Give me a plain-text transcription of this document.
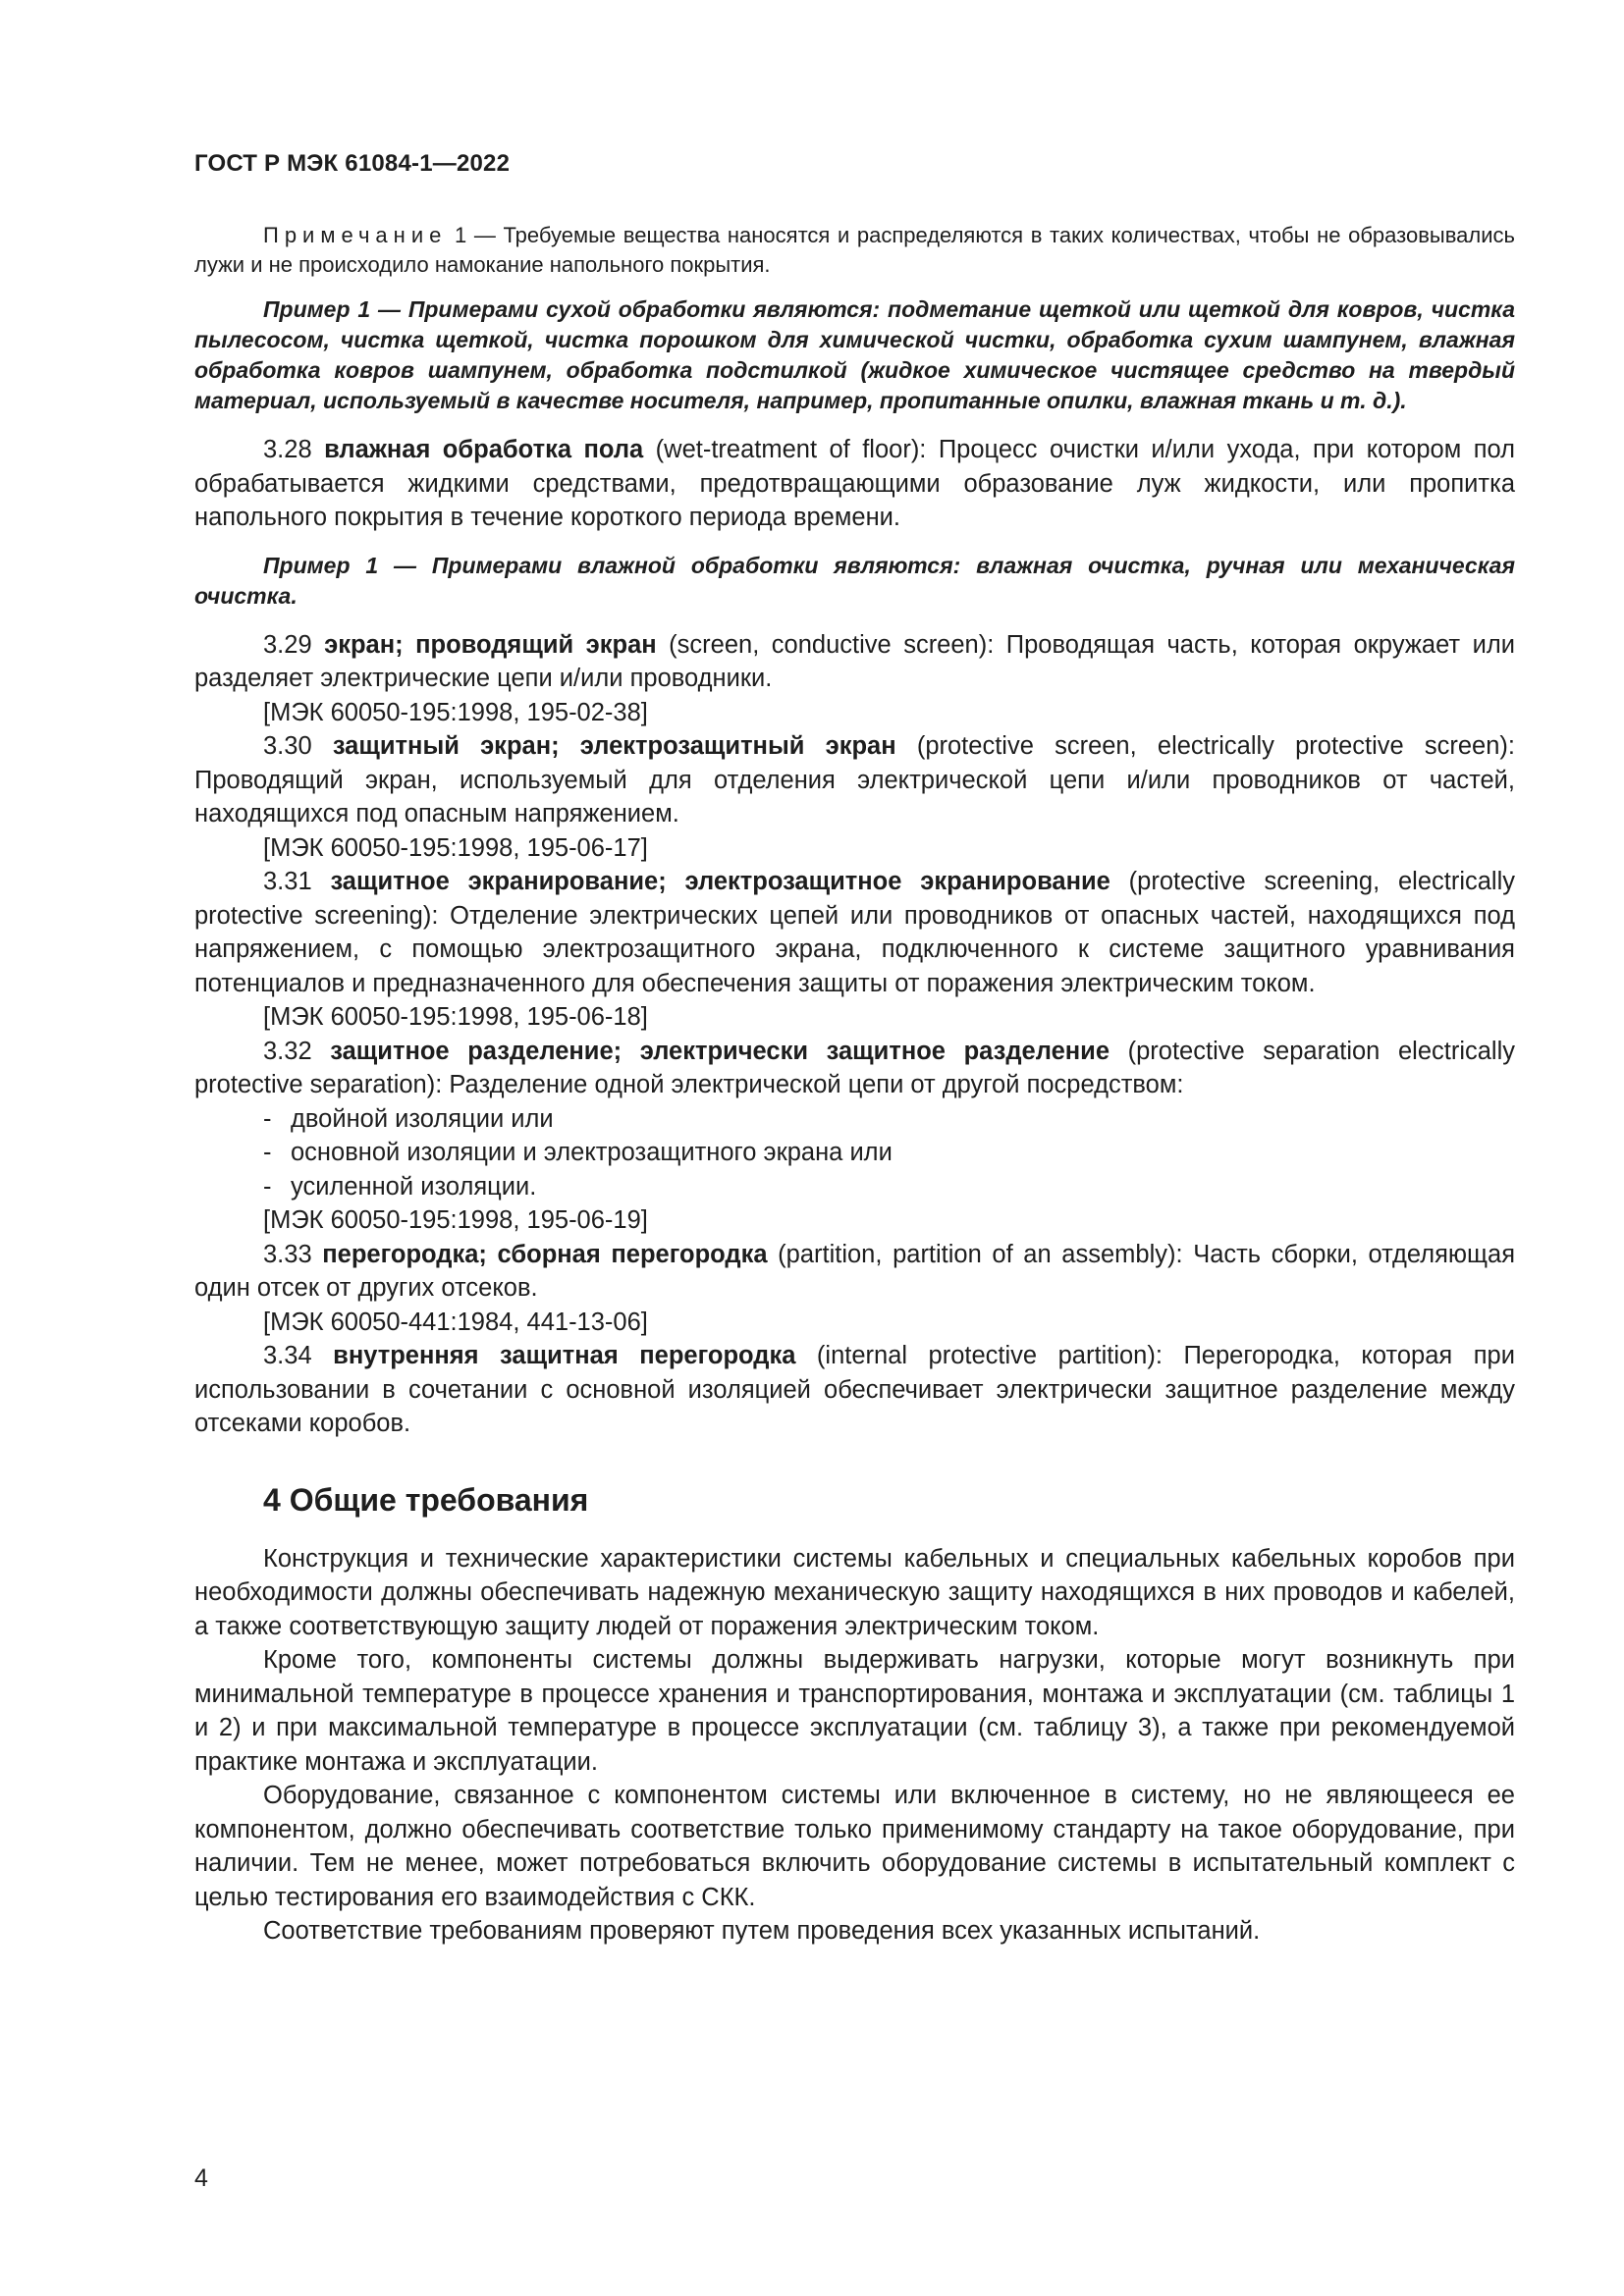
ГОСТ Р МЭК 61084-1—2022

Примечание 1 — Требуемые вещества наносятся и распределяются в таких количествах, чтобы не образовывались лужи и не происходило намокание напольного покрытия.

Пример 1 — Примерами сухой обработки являются: подметание щеткой или щеткой для ковров, чистка пылесосом, чистка щеткой, чистка порошком для химической чистки, обработка сухим шампунем, влажная обработка ковров шампунем, обработка подстилкой (жидкое химическое чистящее средство на твердый материал, используемый в качестве носителя, например, пропитанные опилки, влажная ткань и т. д.).

3.28 влажная обработка пола (wet-treatment of floor): Процесс очистки и/или ухода, при котором пол обрабатывается жидкими средствами, предотвращающими образование луж жидкости, или пропитка напольного покрытия в течение короткого периода времени.

Пример 1 — Примерами влажной обработки являются: влажная очистка, ручная или механическая очистка.

3.29 экран; проводящий экран (screen, conductive screen): Проводящая часть, которая окружает или разделяет электрические цепи и/или проводники.

[МЭК 60050-195:1998, 195-02-38]

3.30 защитный экран; электрозащитный экран (protective screen, electrically protective screen): Проводящий экран, используемый для отделения электрической цепи и/или проводников от частей, находящихся под опасным напряжением.

[МЭК 60050-195:1998, 195-06-17]

3.31 защитное экранирование; электрозащитное экранирование (protective screening, electrically protective screening): Отделение электрических цепей или проводников от опасных частей, находящихся под напряжением, с помощью электрозащитного экрана, подключенного к системе защитного уравнивания потенциалов и предназначенного для обеспечения защиты от поражения электрическим током.

[МЭК 60050-195:1998, 195-06-18]

3.32 защитное разделение; электрически защитное разделение (protective separation electrically protective separation): Разделение одной электрической цепи от другой посредством:

- двойной изоляции или

- основной изоляции и электрозащитного экрана или

- усиленной изоляции.

[МЭК 60050-195:1998, 195-06-19]

3.33 перегородка; сборная перегородка (partition, partition of an assembly): Часть сборки, отделяющая один отсек от других отсеков.

[МЭК 60050-441:1984, 441-13-06]

3.34 внутренняя защитная перегородка (internal protective partition): Перегородка, которая при использовании в сочетании с основной изоляцией обеспечивает электрически защитное разделение между отсеками коробов.

4 Общие требования

Конструкция и технические характеристики системы кабельных и специальных кабельных коробов при необходимости должны обеспечивать надежную механическую защиту находящихся в них проводов и кабелей, а также соответствующую защиту людей от поражения электрическим током.

Кроме того, компоненты системы должны выдерживать нагрузки, которые могут возникнуть при минимальной температуре в процессе хранения и транспортирования, монтажа и эксплуатации (см. таблицы 1 и 2) и при максимальной температуре в процессе эксплуатации (см. таблицу 3), а также при рекомендуемой практике монтажа и эксплуатации.

Оборудование, связанное с компонентом системы или включенное в систему, но не являющееся ее компонентом, должно обеспечивать соответствие только применимому стандарту на такое оборудование, при наличии. Тем не менее, может потребоваться включить оборудование системы в испытательный комплект с целью тестирования его взаимодействия с СКК.

Соответствие требованиям проверяют путем проведения всех указанных испытаний.

4
